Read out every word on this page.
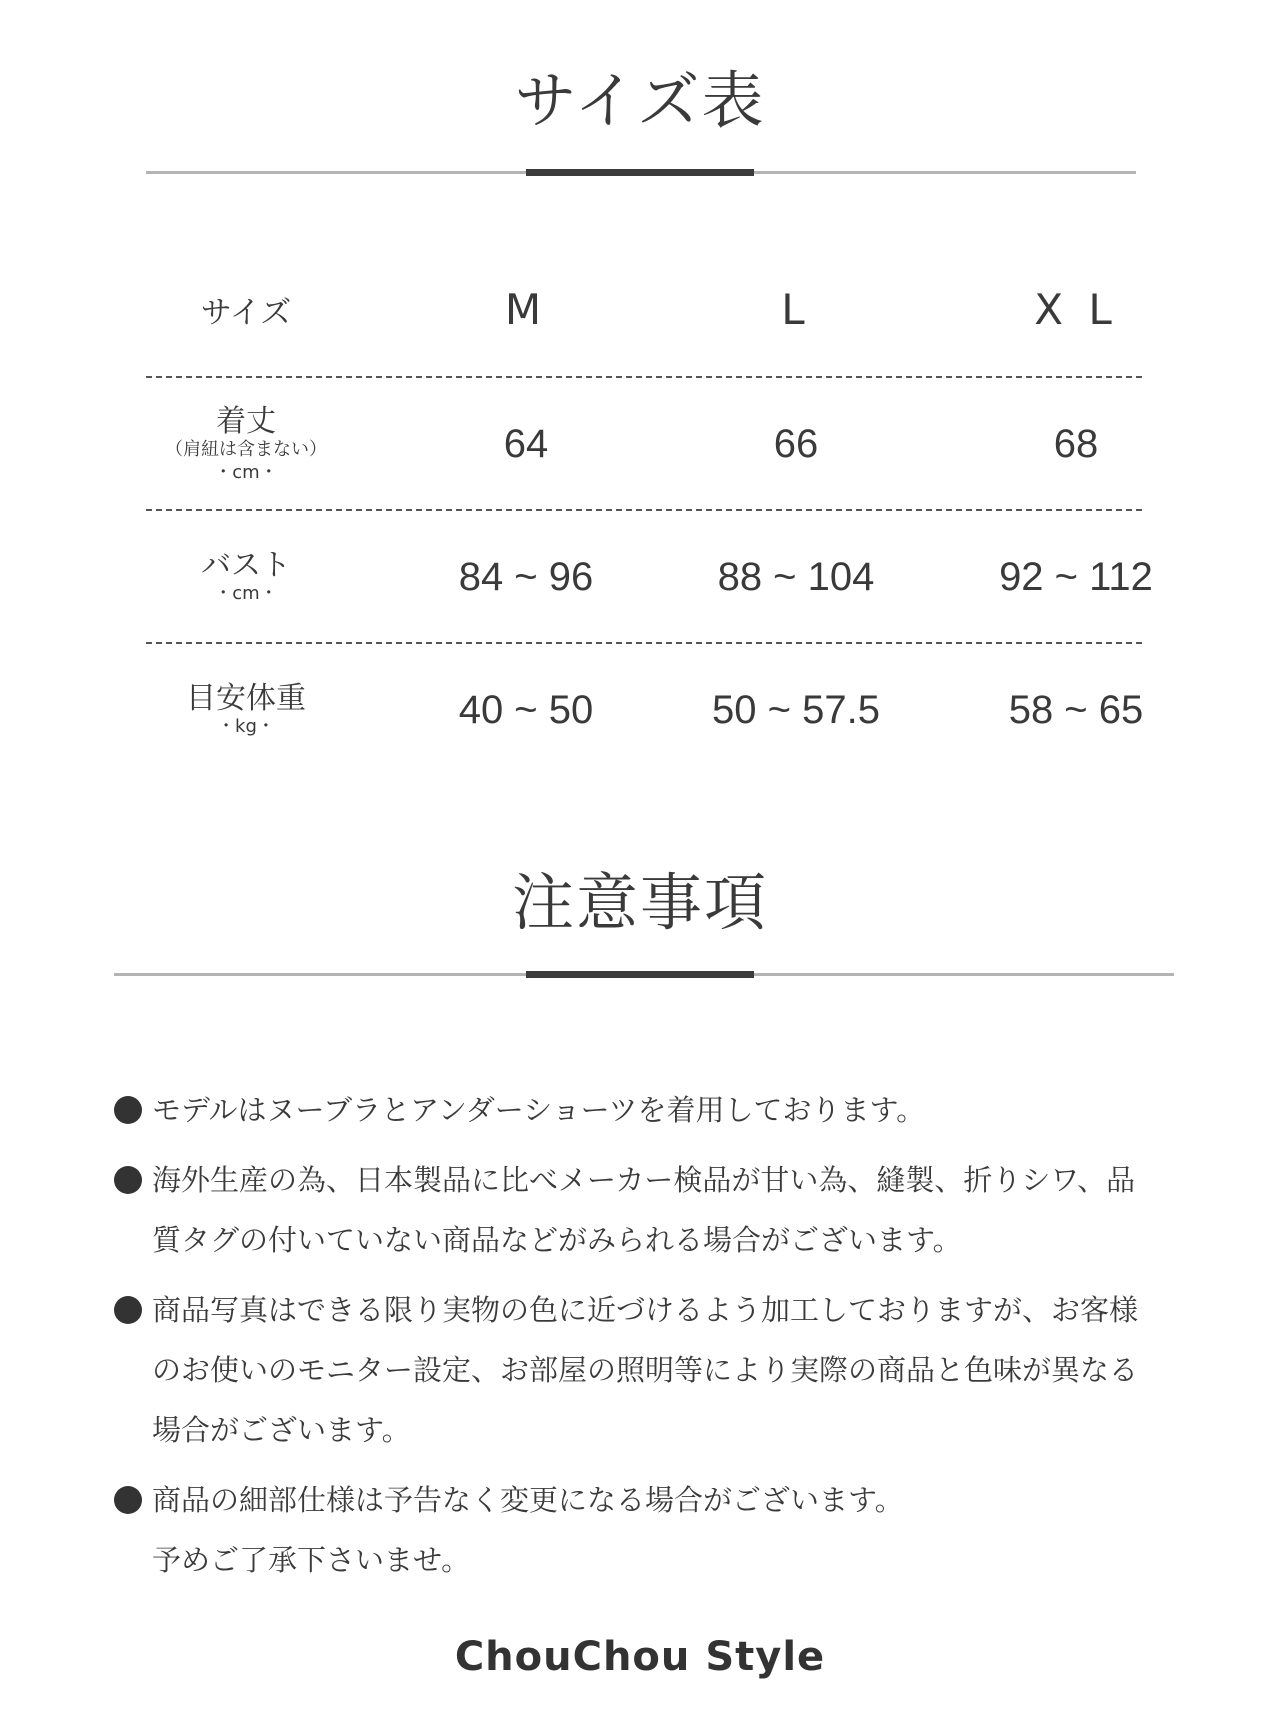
サイズ表
サイズ	M	L	X L
着丈
（肩紐は含まない）
・cm・
64	66	68
バスト
・cm・	84 ~ 96	88 ~ 104	92 ~ 112
目安体重
・kg・	40 ~ 50	50 ~ 57.5	58 ~ 65
注意事項
モデルはヌーブラとアンダーショーツを着用しております。
海外生産の為、日本製品に比べメーカー検品が甘い為、縫製、折りシワ、品
質タグの付いていない商品などがみられる場合がございます。
商品写真はできる限り実物の色に近づけるよう加工しておりますが、お客様
のお使いのモニター設定、お部屋の照明等により実際の商品と色味が異なる
場合がございます。
商品の細部仕様は予告なく変更になる場合がございます。
予めご了承下さいませ。
ChouChou Style
